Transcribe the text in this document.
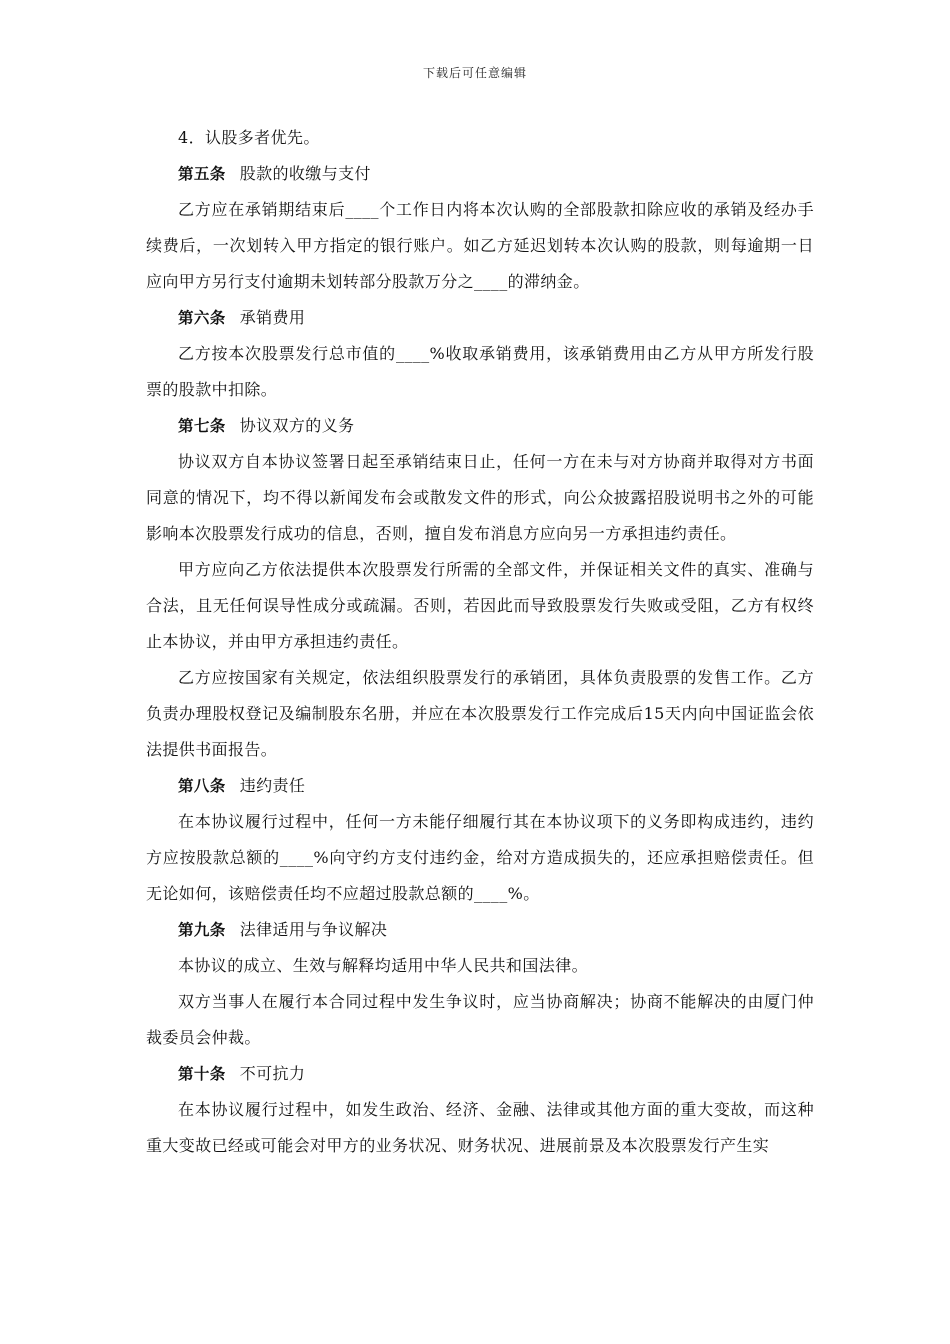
下载后可任意编辑

4．认股多者优先。

第五条 股款的收缴与支付

乙方应在承销期结束后____个工作日内将本次认购的全部股款扣除应收的承销及经办手续费后，一次划转入甲方指定的银行账户。如乙方延迟划转本次认购的股款，则每逾期一日应向甲方另行支付逾期未划转部分股款万分之____的滞纳金。

第六条 承销费用

乙方按本次股票发行总市值的____%收取承销费用，该承销费用由乙方从甲方所发行股票的股款中扣除。

第七条 协议双方的义务

协议双方自本协议签署日起至承销结束日止，任何一方在未与对方协商并取得对方书面同意的情况下，均不得以新闻发布会或散发文件的形式，向公众披露招股说明书之外的可能影响本次股票发行成功的信息，否则，擅自发布消息方应向另一方承担违约责任。

甲方应向乙方依法提供本次股票发行所需的全部文件，并保证相关文件的真实、准确与合法，且无任何误导性成分或疏漏。否则，若因此而导致股票发行失败或受阻，乙方有权终止本协议，并由甲方承担违约责任。

乙方应按国家有关规定，依法组织股票发行的承销团，具体负责股票的发售工作。乙方负责办理股权登记及编制股东名册，并应在本次股票发行工作完成后15天内向中国证监会依法提供书面报告。

第八条 违约责任

在本协议履行过程中，任何一方未能仔细履行其在本协议项下的义务即构成违约，违约方应按股款总额的____%向守约方支付违约金，给对方造成损失的，还应承担赔偿责任。但无论如何，该赔偿责任均不应超过股款总额的____%。

第九条 法律适用与争议解决

本协议的成立、生效与解释均适用中华人民共和国法律。

双方当事人在履行本合同过程中发生争议时，应当协商解决；协商不能解决的由厦门仲裁委员会仲裁。

第十条 不可抗力

在本协议履行过程中，如发生政治、经济、金融、法律或其他方面的重大变故，而这种重大变故已经或可能会对甲方的业务状况、财务状况、进展前景及本次股票发行产生实
